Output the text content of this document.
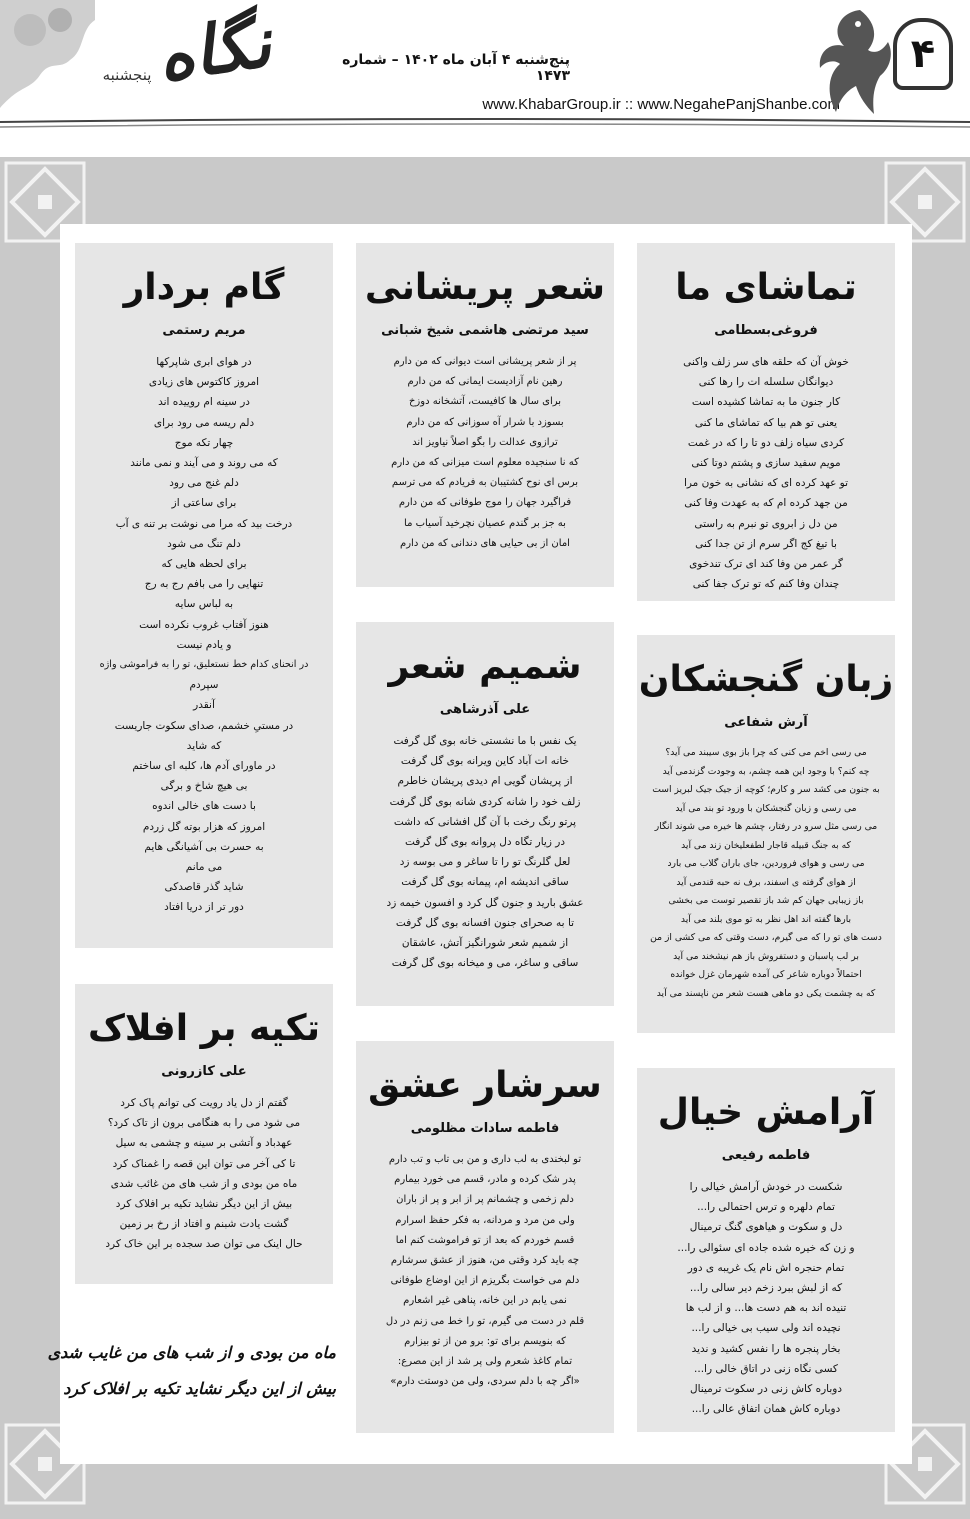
نگاه
پنجشنبه
پنج‌شنبه ۴ آبان ماه ۱۴۰۲ – شماره ۱۴۷۳
www.KhabarGroup.ir :: www.NegahePanjShanbe.com
۴
تماشای ما
فروغی‌بسطامی
خوش آن که حلقه های سر زلف واکنی
دیوانگان سلسله ات را رها کنی
کار جنون ما به تماشا کشیده است
یعنی تو هم بیا که تماشای ما کنی
کردی سیاه زلف دو تا را که در غمت
مویم سفید سازی و پشتم دوتا کنی
تو عهد کرده ای که نشانی به خون مرا
من جهد کرده ام که به عهدت وفا کنی
من دل ز ابروی تو نبرم به راستی
با تیغ کج اگر سرم از تن جدا کنی
گر عمر من وفا کند ای ترک تندخوی
چندان وفا کنم که تو ترک جفا کنی
زبان گنجشکان
آرش شفاعی
می رسی اخم می کنی که چرا باز بوی سیبند می آید؟
چه کنم؟ با وجود این همه چشم، به وجودت گزندمی آید
به جنون می کشد سر و کارم؛ کوچه از جیک جیک لبریز است
می رسی و زبان گنجشکان با ورود تو بند می آید
می رسی مثل سرو در رفتار، چشم ها خیره می شوند انگار
که به جنگ قبیله قاجار لطفعلیخان زند می آید
می رسی و هوای فروردین، جای باران گلاب می بارد
از هوای گرفته ی اسفند، برف نه حبه قندمی آید
باز زیبایی جهان کم شد باز تقصیر توست می بخشی
بارها گفته اند اهل نظر به تو موی بلند می آید
دست های تو را که می گیرم، دست وقتی که می کشی از من
بر لب پاسبان و دستفروش باز هم نیشخند می آید
احتمالاً دوباره شاعر کی آمده شهرمان غزل خوانده
که به چشمت یکی دو ماهی هست شعر من ناپسند می آید
آرامش خیال
فاطمه رفیعی
شکست در خودش آرامش خیالی را
تمام دلهره و ترس احتمالی را...
دل و سکوت و هیاهوی گنگ ترمینال
و زن که خیره شده جاده ای سئوالی را...
تمام حنجره اش نام یک غریبه ی دور
که از لبش ببرد زخم دیر سالی را...
تنیده اند به هم دست ها... و از لب ها
نچیده اند ولی سیب بی خیالی را...
بخار پنجره ها را نفس کشید و ندید
کسی نگاه زنی در اتاق خالی را...
دوباره کاش زنی در سکوت ترمینال
دوباره کاش همان اتفاق عالی را...
شعر پریشانی
سید مرتضی هاشمی شیخ شبانی
پر از شعر پریشانی است دیوانی که من دارم
رهین نام آزادیست ایمانی که من دارم
برای سال ها کافیست، آتشخانه دوزخ
بسوزد با شرار آه سوزانی که من دارم
ترازوی عدالت را بگو اصلاً نیاویز اند
که نا سنجیده معلوم است میزانی که من دارم
برس ای نوح کشتیبان به فریادم که می ترسم
فراگیرد جهان را موج طوفانی که من دارم
به جز بر گندم عصیان نچرخید آسیاب ما
امان از بی حیایی های دندانی که من دارم
شمیم شعر
علی آذرشاهی
یک نفس با ما نشستی خانه بوی گل گرفت
خانه ات آباد کاین ویرانه بوی گل گرفت
از پریشان گویی ام دیدی پریشان خاطرم
زلف خود را شانه کردی شانه بوی گل گرفت
پرتو رنگ رخت با آن گل افشانی که داشت
در زیار تگاه دل پروانه بوی گل گرفت
لعل گلرنگ تو را تا ساغر و می بوسه زد
ساقی اندیشه ام، پیمانه بوی گل گرفت
عشق بارید و جنون گل کرد و افسون خیمه زد
تا به صحرای جنون افسانه بوی گل گرفت
از شمیم شعر شورانگیز آتش، عاشقان
ساقی و ساغر، می و میخانه بوی گل گرفت
سرشار عشق
فاطمه سادات مظلومی
تو لبخندی به لب داری و من بی تاب و تب دارم
پدر شک کرده و مادر، قسم می خورد بیمارم
دلم زخمی و چشمانم پر از ابر و پر از باران
ولی من مرد و مردانه، به فکر حفظ اسرارم
قسم خوردم که بعد از تو فراموشت کنم اما
چه باید کرد وقتی من، هنوز از عشق سرشارم
دلم می خواست بگریزم از این اوضاع طوفانی
نمی یابم در این خانه، پناهی غیر اشعارم
قلم در دست می گیرم، تو را خط می زنم در دل
که بنویسم برای تو: برو من از تو بیزارم
تمام کاغذ شعرم ولی پر شد از این مصرع:
«اگر چه با دلم سردی، ولی من دوستت دارم»
گام بردار
مریم رستمی
در هوای ابری شاپرکها
امروز کاکتوس های زیادی
در سینه ام روییده اند
دلم ریسه می رود برای
چهار تکه موج
که می روند و می آیند و نمی مانند
دلم غنج می رود
برای ساعتی از
درخت بید که مرا می نوشت بر تنه ی آب
دلم تنگ می شود
برای لحظه هایی که
تنهایی را می بافم رج به رج
به لباس سایه
هنوز آفتاب غروب نکرده است
و یادم نیست
در انحنای کدام خط نستعلیق، تو را به فراموشی واژه
سپردم
آنقدر
در مستیِ خشمم، صدای سکوت جاریست
که شاید
در ماورای آدم ها، کلبه ای ساختم
بی هیچ شاخ و برگی
با دست های خالی اندوه
امروز که هزار بوته گل زردم
به حسرت بی آشیانگی هایم
می مانم
شاید گذر قاصدکی
دور تر از دریا افتاد
تکیه بر افلاک
علی کازرونی
گفتم از دل یاد رویت کی توانم پاک کرد
می شود می را به هنگامی برون از تاک کرد؟
عهدباد و آتشی بر سینه و چشمی به سیل
تا کی آخر می توان این قصه را غمناک کرد
ماه من بودی و از شب های من غائب شدی
بیش از این دیگر نشاید تکیه بر افلاک کرد
گشت یادت شبنم و افتاد از رخ بر زمین
حال اینک می توان صد سجده بر این خاک کرد
ماه من بودی و از شب های من غایب شدی
بیش از این دیگر نشاید تکیه بر افلاک کرد
